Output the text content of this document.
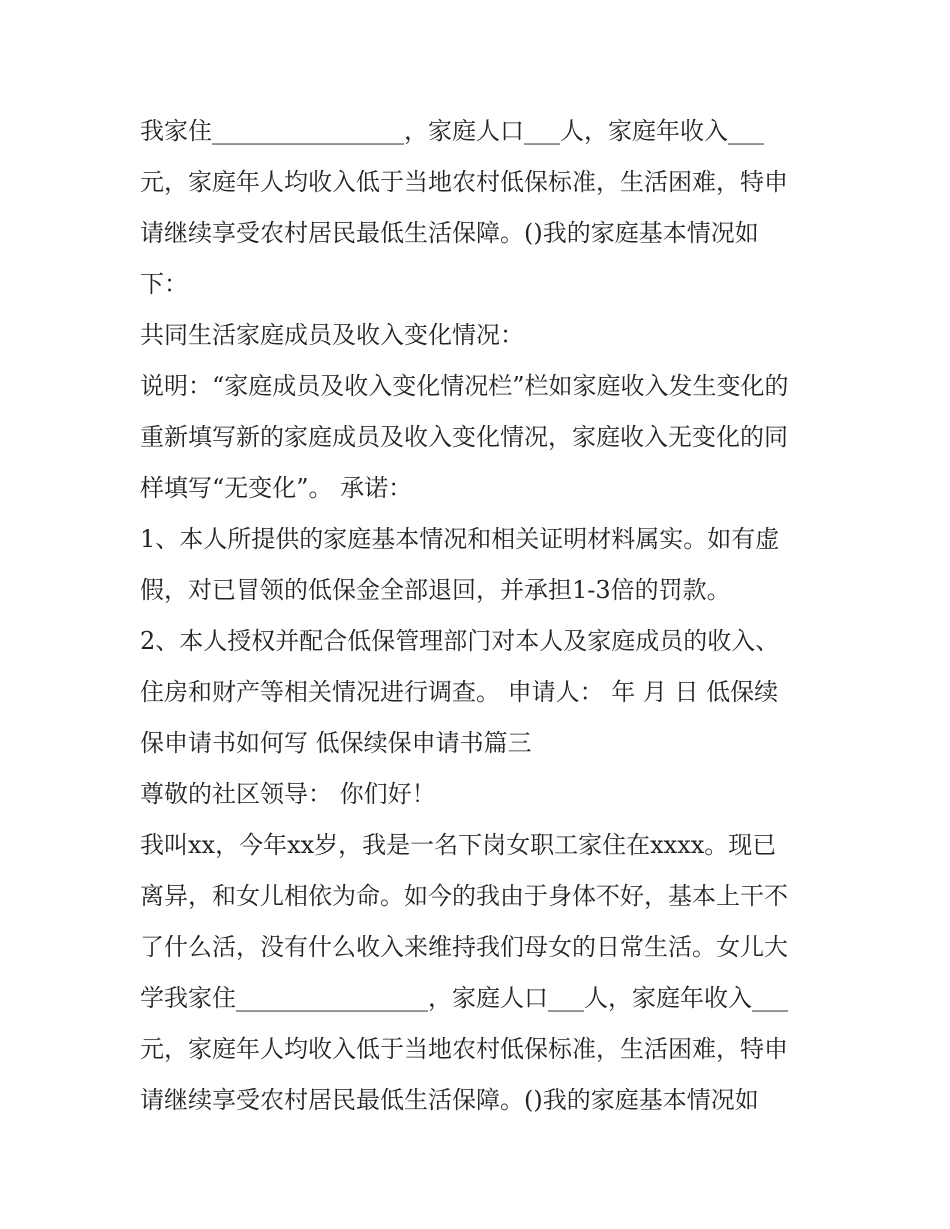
我家住________________，家庭人口___人，家庭年收入___
元，家庭年人均收入低于当地农村低保标准，生活困难，特申
请继续享受农村居民最低生活保障。()我的家庭基本情况如
下：
共同生活家庭成员及收入变化情况：
说明：“家庭成员及收入变化情况栏”栏如家庭收入发生变化的
重新填写新的家庭成员及收入变化情况，家庭收入无变化的同
样填写“无变化”。 承诺：
1、本人所提供的家庭基本情况和相关证明材料属实。如有虚
假，对已冒领的低保金全部退回，并承担1-3倍的罚款。
2、本人授权并配合低保管理部门对本人及家庭成员的收入、
住房和财产等相关情况进行调查。 申请人： 年 月 日 低保续
保申请书如何写 低保续保申请书篇三
尊敬的社区领导： 你们好！
我叫xx，今年xx岁，我是一名下岗女职工家住在xxxx。现已
离异，和女儿相依为命。如今的我由于身体不好，基本上干不
了什么活，没有什么收入来维持我们母女的日常生活。女儿大
学我家住________________，家庭人口___人，家庭年收入___
元，家庭年人均收入低于当地农村低保标准，生活困难，特申
请继续享受农村居民最低生活保障。()我的家庭基本情况如
